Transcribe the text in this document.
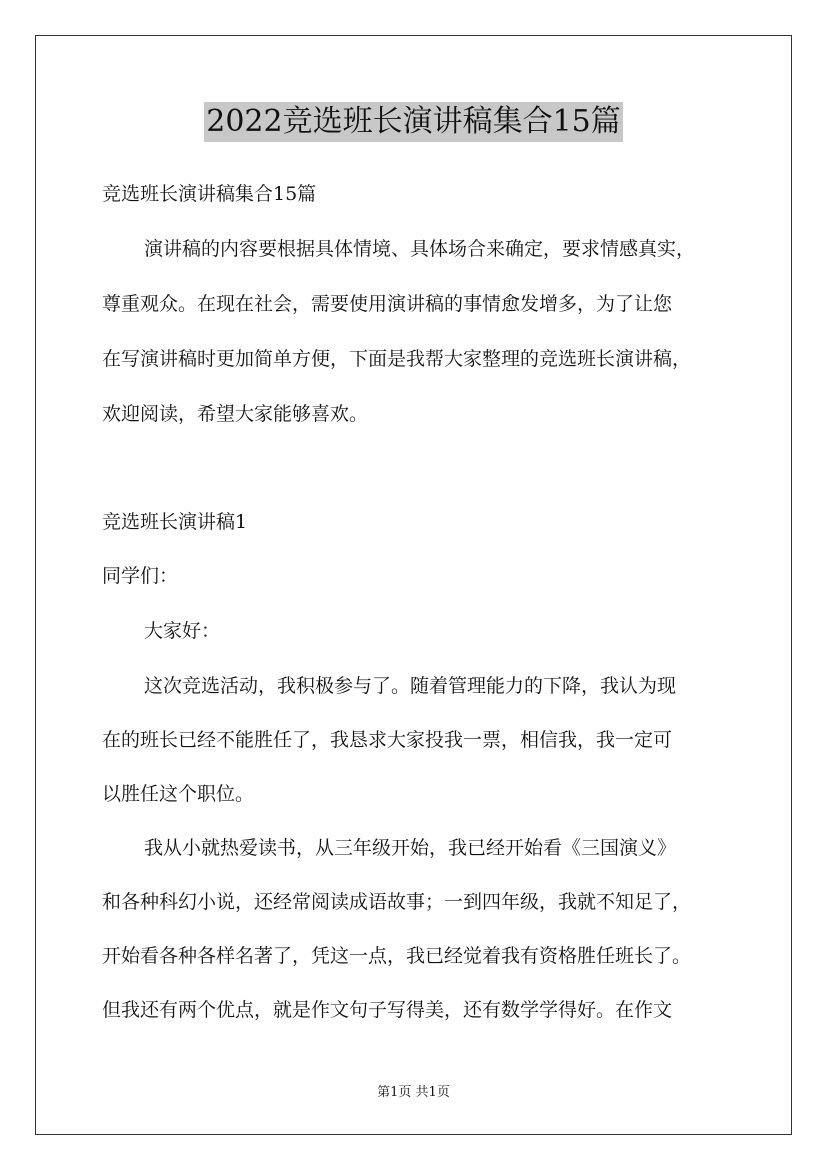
2022竞选班长演讲稿集合15篇
竞选班长演讲稿集合15篇
演讲稿的内容要根据具体情境、具体场合来确定，要求情感真实，
尊重观众。在现在社会，需要使用演讲稿的事情愈发增多，为了让您
在写演讲稿时更加简单方便，下面是我帮大家整理的竞选班长演讲稿，
欢迎阅读，希望大家能够喜欢。
竞选班长演讲稿1
同学们：
大家好：
这次竞选活动，我积极参与了。随着管理能力的下降，我认为现
在的班长已经不能胜任了，我恳求大家投我一票，相信我，我一定可
以胜任这个职位。
我从小就热爱读书，从三年级开始，我已经开始看《三国演义》
和各种科幻小说，还经常阅读成语故事；一到四年级，我就不知足了，
开始看各种各样名著了，凭这一点，我已经觉着我有资格胜任班长了。
但我还有两个优点，就是作文句子写得美，还有数学学得好。在作文
第1页 共1页
